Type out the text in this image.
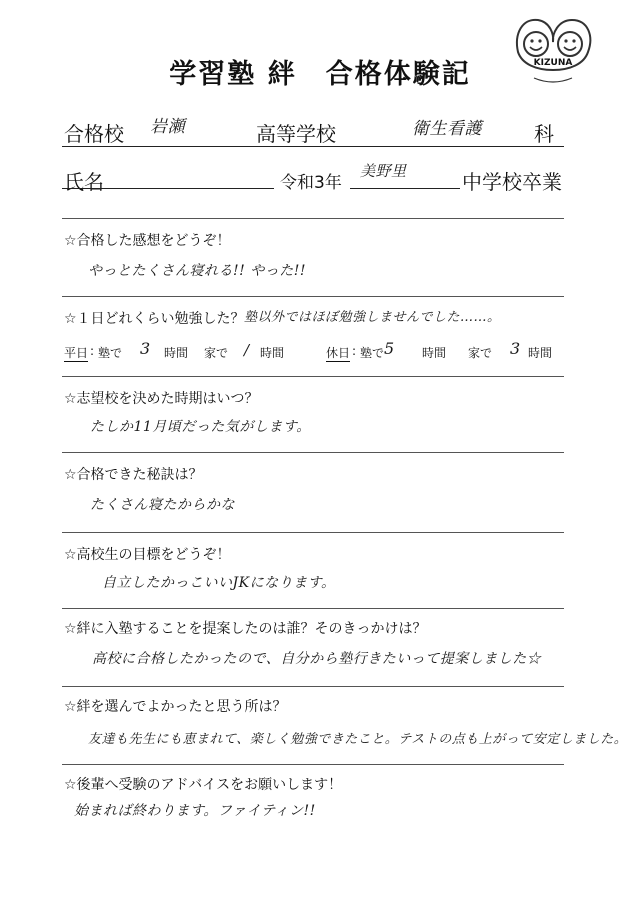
学習塾 絆　合格体験記	KIZUNA
合格校 岩瀬	高等学校	衛生看護	科
氏名	令和3年
美野里	中学校卒業
☆合格した感想をどうぞ！
やっとたくさん寝れる!! やった!!
☆１日どれくらい勉強した？ 塾以外ではほぼ勉強しませんでした……。
平日 : 塾で 3 時間 家で / 時間	休日 : 塾で 5 時間 家で 3 時間
☆志望校を決めた時期はいつ？
たしか11月頃だった気がします。
☆合格できた秘訣は？
たくさん寝たからかな
☆高校生の目標をどうぞ！
自立したかっこいいJKになります。
☆絆に入塾することを提案したのは誰？そのきっかけは？
高校に合格したかったので、自分から塾行きたいって提案しました☆
☆絆を選んでよかったと思う所は？
友達も先生にも恵まれて、楽しく勉強できたこと。テストの点も上がって安定しました。
☆後輩へ受験のアドバイスをお願いします！
始まれば終わります。ファイティン!!
